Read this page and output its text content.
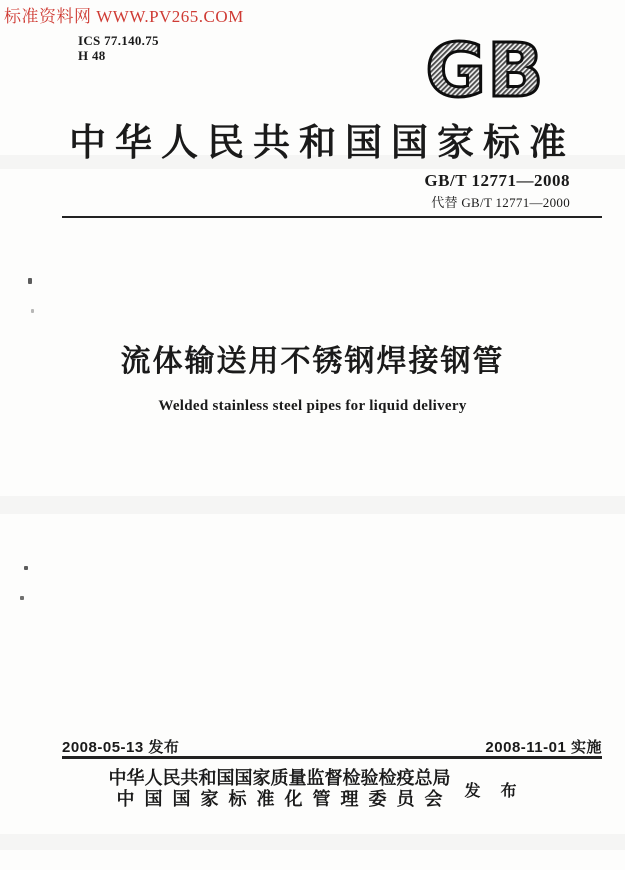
标准资料网 WWW.PV265.COM
ICS 77.140.75
H 48	GB
中华人民共和国国家标准
GB/T 12771—2008
代替 GB/T 12771—2000
流体输送用不锈钢焊接钢管
Welded stainless steel pipes for liquid delivery
2008-05-13 发布	2008-11-01 实施
中华人民共和国国家质量监督检验检疫总局
中国国家标准化管理委员会 发 布
